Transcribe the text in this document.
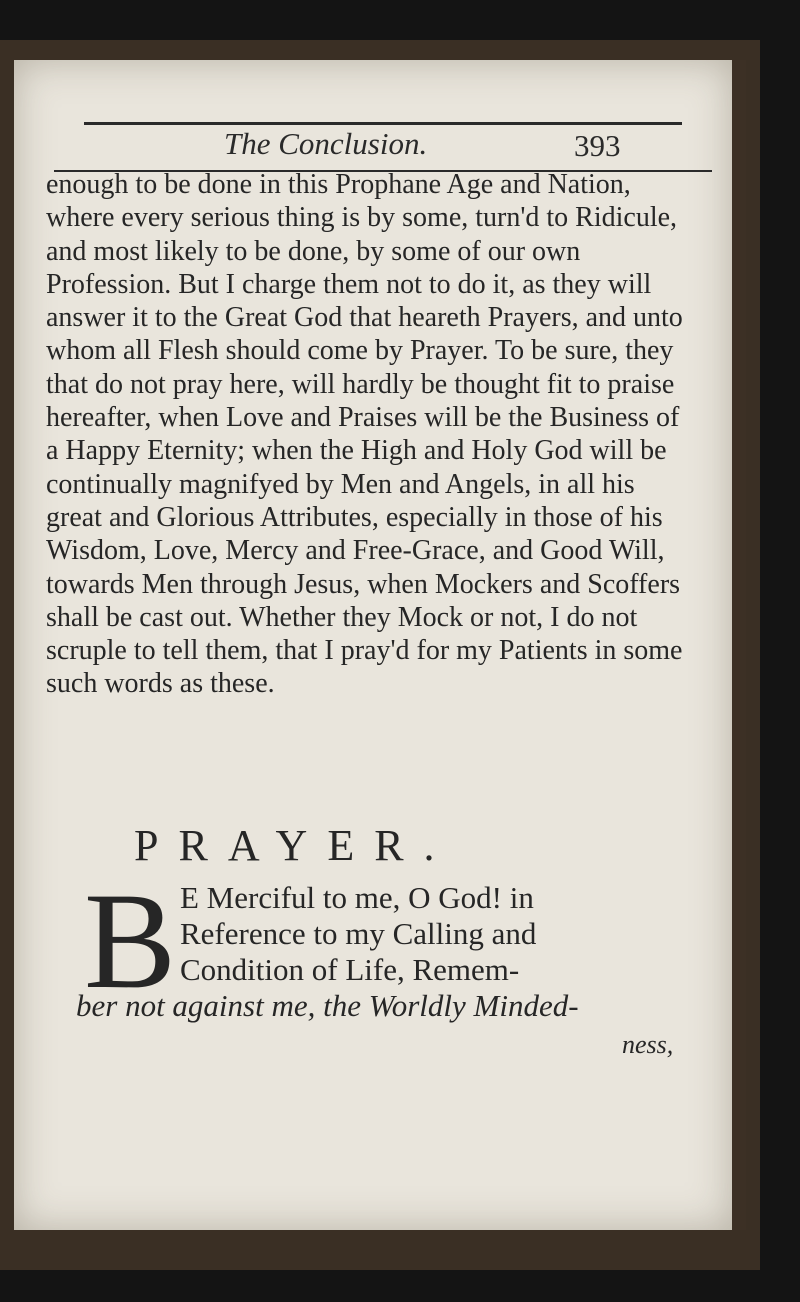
The Conclusion.	393

enough to be done in this Prophane Age and Nation, where every serious thing is by some, turn'd to Ridicule, and most likely to be done, by some of our own Profession. But I charge them not to do it, as they will answer it to the Great God that heareth Prayers, and unto whom all Flesh should come by Prayer. To be sure, they that do not pray here, will hardly be thought fit to praise hereafter, when Love and Praises will be the Business of a Happy Eternity; when the High and Holy God will be continually magnifyed by Men and Angels, in all his great and Glorious Attributes, especially in those of his Wisdom, Love, Mercy and Free-Grace, and Good Will, towards Men through Jesus, when Mockers and Scoffers shall be cast out. Whether they Mock or not, I do not scruple to tell them, that I pray'd for my Patients in some such words as these.

PRAYER.
B E Merciful to me, O God! in
Reference to my Calling and
Condition of Life, Remem-
ber not against me, the Worldly Minded-
ness,
